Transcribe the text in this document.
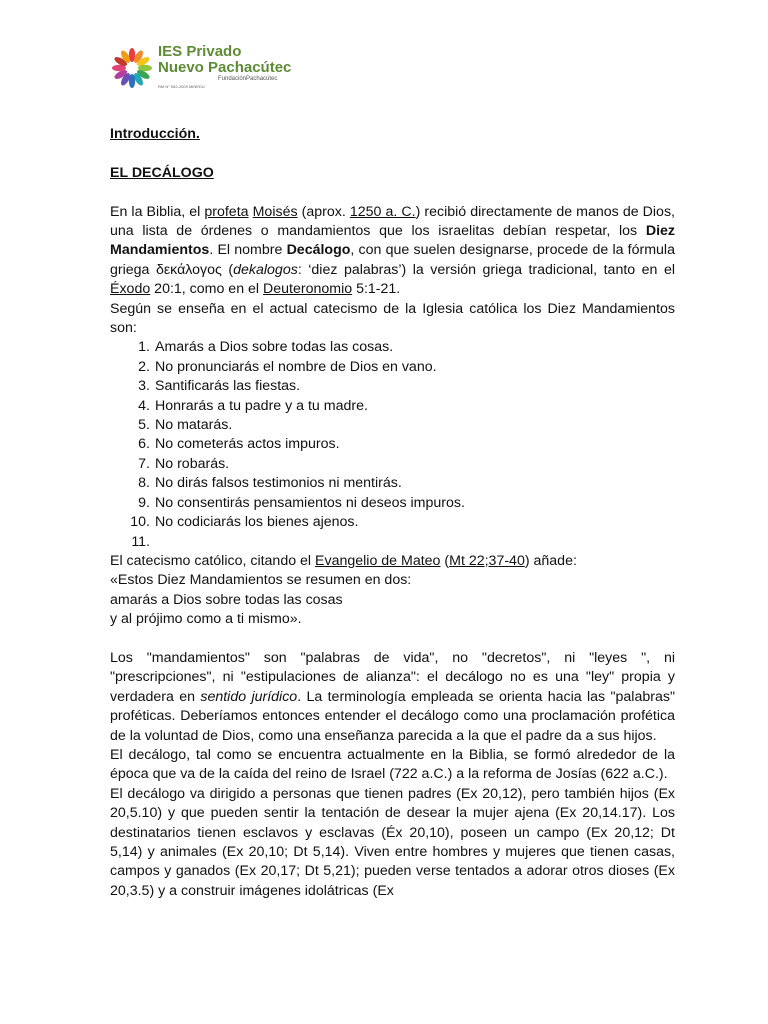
IES Privado
Nuevo Pachacútec
FundaciónPachacútec
RM N° 062-2009 MINEDU

Introducción.

EL DECÁLOGO

En la Biblia, el profeta Moisés (aprox. 1250 a. C.) recibió directamente de manos de Dios, una lista de órdenes o mandamientos que los israelitas debían respetar, los Diez Mandamientos. El nombre Decálogo, con que suelen designarse, procede de la fórmula griega δεκάλογος (dekalogos: ‘diez palabras’) la versión griega tradicional, tanto en el Éxodo 20:1, como en el Deuteronomio 5:1-21.

Según se enseña en el actual catecismo de la Iglesia católica los Diez Mandamientos son:

1. Amarás a Dios sobre todas las cosas.
2. No pronunciarás el nombre de Dios en vano.
3. Santificarás las fiestas.
4. Honrarás a tu padre y a tu madre.
5. No matarás.
6. No cometerás actos impuros.
7. No robarás.
8. No dirás falsos testimonios ni mentirás.
9. No consentirás pensamientos ni deseos impuros.
10. No codiciarás los bienes ajenos.
11.

El catecismo católico, citando el Evangelio de Mateo (Mt 22;37-40) añade:

«Estos Diez Mandamientos se resumen en dos:

amarás a Dios sobre todas las cosas

y al prójimo como a ti mismo».

Los "mandamientos" son "palabras de vida", no "decretos", ni "leyes ", ni "prescripciones", ni "estipulaciones de alianza": el decálogo no es una "ley" propia y verdadera en sentido jurídico. La terminología empleada se orienta hacia las "palabras" proféticas. Deberíamos entonces entender el decálogo como una proclamación profética de la voluntad de Dios, como una enseñanza parecida a la que el padre da a sus hijos.

El decálogo, tal como se encuentra actualmente en la Biblia, se formó alrededor de la época que va de la caída del reino de Israel (722 a.C.) a la reforma de Josías (622 a.C.).

El decálogo va dirigido a personas que tienen padres (Ex 20,12), pero también hijos (Ex 20,5.10) y que pueden sentir la tentación de desear la mujer ajena (Ex 20,14.17). Los destinatarios tienen esclavos y esclavas (Éx 20,10), poseen un campo (Ex 20,12; Dt 5,14) y animales (Ex 20,10; Dt 5,14). Viven entre hombres y mujeres que tienen casas, campos y ganados (Ex 20,17; Dt 5,21); pueden verse tentados a adorar otros dioses (Ex 20,3.5) y a construir imágenes idolátricas (Ex
